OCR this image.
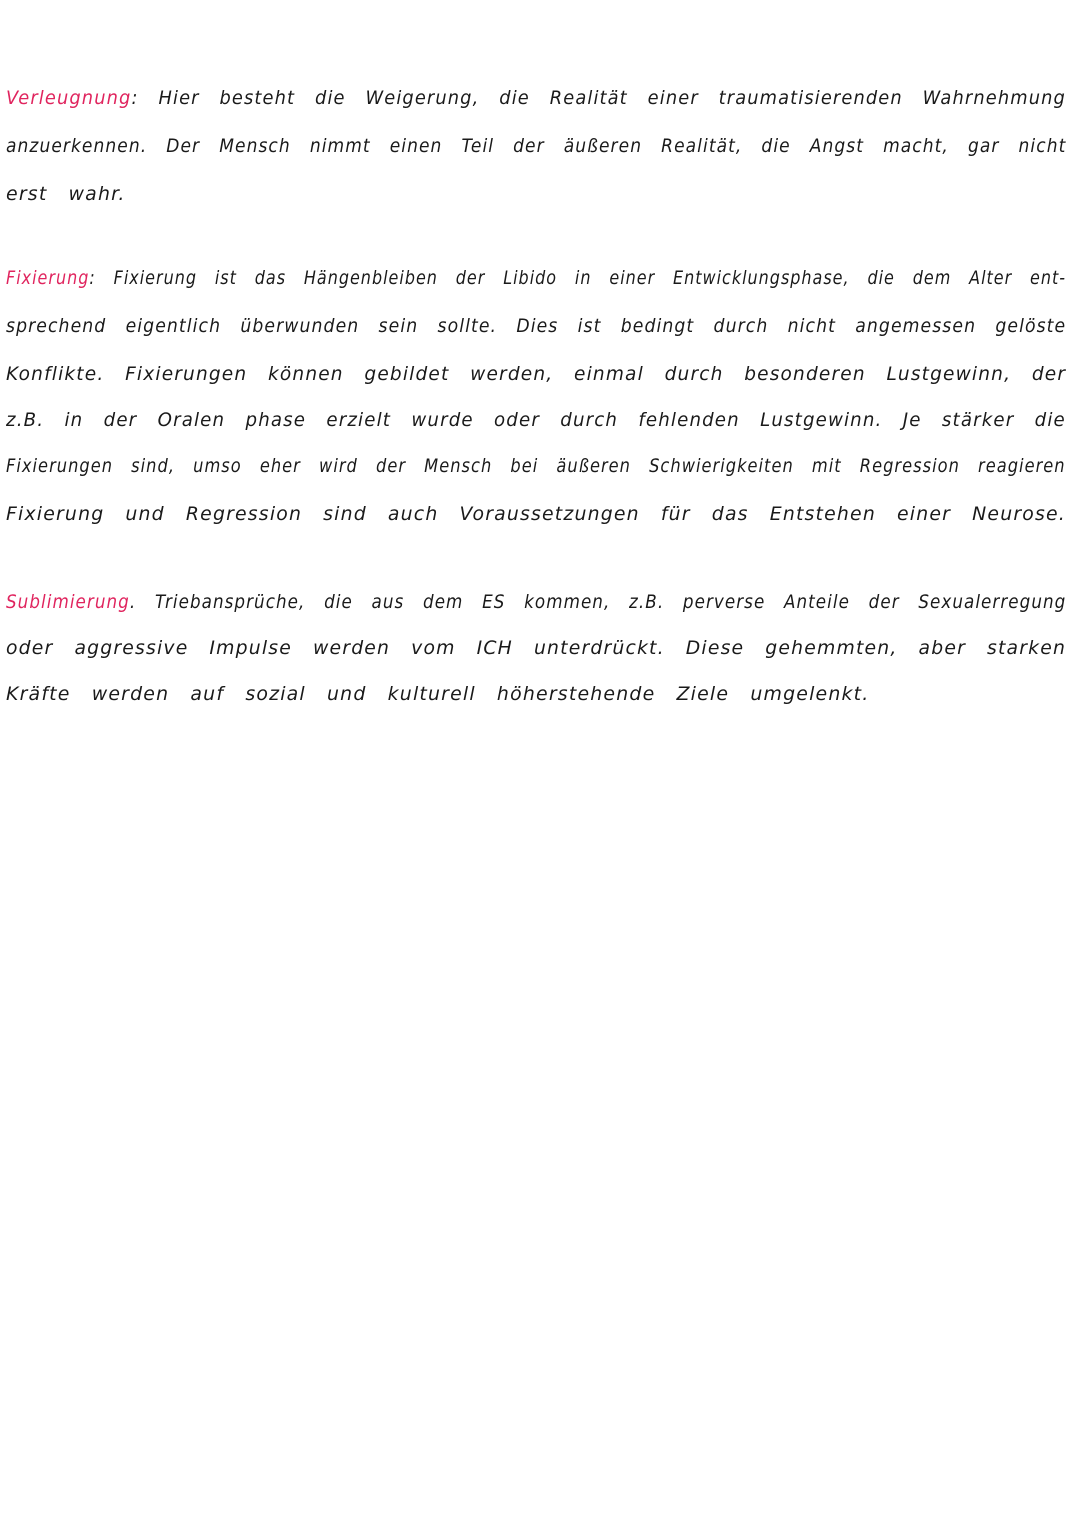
Verleugnung: Hier besteht die Weigerung, die Realität einer traumatisierenden Wahrnehmung
anzuerkennen. Der Mensch nimmt einen Teil der äußeren Realität, die Angst macht, gar nicht
erst wahr.
Fixierung: Fixierung ist das Hängenbleiben der Libido in einer Entwicklungsphase, die dem Alter ent-
sprechend eigentlich überwunden sein sollte. Dies ist bedingt durch nicht angemessen gelöste
Konflikte. Fixierungen können gebildet werden, einmal durch besonderen Lustgewinn, der
z.B. in der Oralen phase erzielt wurde oder durch fehlenden Lustgewinn. Je stärker die
Fixierungen sind, umso eher wird der Mensch bei äußeren Schwierigkeiten mit Regression reagieren
Fixierung und Regression sind auch Voraussetzungen für das Entstehen einer Neurose.
Sublimierung. Triebansprüche, die aus dem ES kommen, z.B. perverse Anteile der Sexualerregung
oder aggressive Impulse werden vom ICH unterdrückt. Diese gehemmten, aber starken
Kräfte werden auf sozial und kulturell höherstehende Ziele umgelenkt.
